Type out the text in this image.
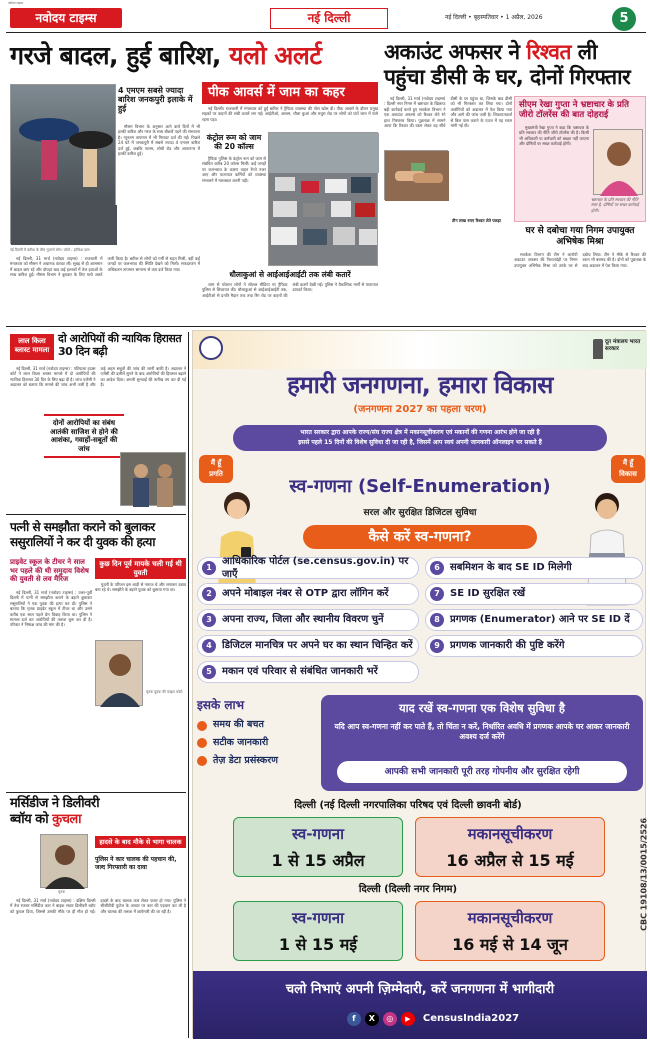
नवोदय टाइम्स
नवोदय टाइम्स	नई दिल्ली	नई दिल्ली • बृहस्पतिवार • 1 अप्रैल, 2026	5
गरजे बादल, हुई बारिश, यलो अलर्ट
4 एमएम सबसे ज्यादा बारिश जनकपुरी इलाके में हुई

मौसम विभाग के अनुसार आने वाले दिनों में भी हल्की बारिश और गरज के साथ बौछारें पड़ने की संभावना है। न्यूनतम तापमान में भी गिरावट दर्ज की गई। पिछले 24 घंटे में जनकपुरी में सबसे ज्यादा 4 एमएम बारिश दर्ज हुई, जबकि पालम, लोधी रोड और आयानगर में हल्की बारिश हुई।

नई दिल्ली में बारिश के बीच गुजरते लोग। फोटो : हरीकेश दास

नई दिल्ली, 31 मार्च (नवोदय टाइम्स) : राजधानी में मंगलवार को मौसम ने अचानक करवट ली। सुबह से ही आसमान में बादल छाए रहे और दोपहर बाद कई इलाकों में तेज हवाओं के साथ बारिश हुई। मौसम विभाग ने बुधवार के लिए यलो अलर्ट जारी किया है। बारिश से लोगों को गर्मी से राहत मिली, वहीं कई जगहों पर जलभराव की स्थिति देखने को मिली। सफदरजंग में अधिकतम तापमान सामान्य से कम दर्ज किया गया।

पीक आवर्स में जाम का कहर

नई दिल्ली। राजधानी में मंगलवार को हुई बारिश ने ट्रैफिक व्यवस्था की पोल खोल दी। पीक आवर्स के दौरान प्रमुख सड़कों पर वाहनों की लंबी कतारें लग गईं। आईटीओ, आश्रम, धौला कुआं और मथुरा रोड पर लोगों को घंटों जाम में फंसे रहना पड़ा।

कंट्रोल रूम को जाम की 20 कॉल्स

ट्रैफिक पुलिस के कंट्रोल रूम को जाम से संबंधित करीब 20 कॉल्स मिलीं। कई जगहों पर जलभराव के कारण वाहन रेंगते नजर आए और यातायात कर्मियों को व्यवस्था संभालने में मशक्कत करनी पड़ी।

धौलाकुआं से आईआईआईटी तक लंबी कतारें

जाम से परेशान लोगों ने सोशल मीडिया पर ट्रैफिक पुलिस से शिकायत की। धौलाकुआं से आईआईआईटी तक, आईटीओ से प्रगति मैदान तक तथा रिंग रोड पर वाहनों की लंबी कतारें देखी गईं। पुलिस ने वैकल्पिक मार्गों से यातायात डायवर्ट किया।

अकाउंट अफसर ने रिश्वत ली
पहुंचा डीसी के घर, दोनों गिरफ्तार

नई दिल्ली, 31 मार्च (नवोदय टाइम्स) : दिल्ली नगर निगम में भ्रष्टाचार के खिलाफ बड़ी कार्रवाई करते हुए सतर्कता विभाग ने एक अकाउंट अफसर को रिश्वत लेते रंगे हाथ गिरफ्तार किया। पूछताछ में सामने आया कि रिश्वत की रकम लेकर वह सीधे डीसी के घर पहुंचा था, जिसके बाद डीसी को भी गिरफ्तार कर लिया गया। दोनों आरोपियों को अदालत में पेश किया गया और आगे की जांच जारी है। शिकायतकर्ता से बिल पास कराने के एवज में यह रकम मांगी गई थी।

सीएम रेखा गुप्ता ने भ्रष्टाचार के प्रति जीरो टॉलरेंस की बात दोहराई

मुख्यमंत्री रेखा गुप्ता ने कहा कि भ्रष्टाचार के प्रति सरकार की नीति जीरो टॉलरेंस की है। किसी भी अधिकारी या कर्मचारी को बख्शा नहीं जाएगा और दोषियों पर सख्त कार्रवाई होगी।

भ्रष्टाचार के प्रति सरकार की नीति स्पष्ट है, दोषियों पर सख्त कार्रवाई होगी।
घर से दबोचा गया निगम उपायुक्त अभिषेक मिश्रा

सतर्कता विभाग की टीम ने आरोपी अकाउंट अफसर की निशानदेही पर निगम उपायुक्त अभिषेक मिश्रा को उनके घर से दबोच लिया। टीम ने मौके से रिश्वत की रकम भी बरामद की है। दोनों को पूछताछ के बाद अदालत में पेश किया गया।

तीन लाख रुपए रिश्वत लेते पकड़ा
लाल किला
ब्लास्ट मामला
दो आरोपियों की न्यायिक हिरासत 30 दिन बढ़ी

नई दिल्ली, 31 मार्च (नवोदय टाइम्स) : पटियाला हाउस कोर्ट ने लाल किला ब्लास्ट मामले में दो आरोपियों की न्यायिक हिरासत 30 दिन के लिए बढ़ा दी है। जांच एजेंसी ने अदालत को बताया कि मामले की जांच अभी जारी है और कई अहम सबूतों की जांच की जानी बाकी है। अदालत ने एजेंसी की दलीलें सुनने के बाद आरोपियों की हिरासत बढ़ाने का आदेश दिया। अगली सुनवाई की तारीख तय कर दी गई है।

दोनों आरोपियों का संबंध आतंकी साजिश से होने की आशंका, गवाहों-सबूतों की जांच
पत्नी से समझौता कराने को बुलाकर ससुरालियों ने कर दी युवक की हत्या
प्राइवेट स्कूल के टीचर ने साल भर पहले की थी समुदाय विशेष की युवती से लव मैरिज
कुछ दिन पूर्व मायके चली गई थी युवती

युवती के परिजन इस शादी से नाराज थे और लगातार दबाव बना रहे थे। समझौते के बहाने युवक को बुलाया गया था।

नई दिल्ली, 31 मार्च (नवोदय टाइम्स) : उत्तर-पूर्वी दिल्ली में पत्नी से समझौता कराने के बहाने बुलाकर ससुरालियों ने एक युवक की हत्या कर दी। पुलिस ने बताया कि मृतक प्राइवेट स्कूल में टीचर था और उसने करीब एक साल पहले प्रेम विवाह किया था। पुलिस ने मामला दर्ज कर आरोपियों की तलाश शुरू कर दी है। परिवार ने निष्पक्ष जांच की मांग की है।

मृतक युवक की फाइल फोटो
मर्सिडीज ने डिलीवरी
ब्वॉय को कुचला
मृतक
हादसे के बाद मौके से भागा चालक
पुलिस ने कार चालक की पहचान की, जल्द गिरफ्तारी का दावा

नई दिल्ली, 31 मार्च (नवोदय टाइम्स) : दक्षिण दिल्ली में तेज रफ्तार मर्सिडीज कार ने बाइक सवार डिलीवरी ब्वॉय को कुचल दिया, जिससे उसकी मौके पर ही मौत हो गई। हादसे के बाद चालक कार लेकर फरार हो गया। पुलिस ने सीसीटीवी फुटेज के आधार पर कार की पहचान कर ली है और चालक की तलाश में छापेमारी की जा रही है।

दूत मंत्रालय भारत सरकार
हमारी जनगणना, हमारा विकास
(जनगणना 2027 का पहला चरण)
भारत सरकार द्वारा आपके राज्य/संघ राज्य क्षेत्र में मकानसूचीकरण एवं मकानों की गणना आरंभ होने जा रही है
इससे पहले 15 दिनों की विशेष सुविधा दी जा रही है, जिसमें आप स्वयं अपनी जानकारी ऑनलाइन भर सकते हैं
मैं हूँ
प्रगति
मैं हूँ
विकास
स्व-गणना (Self-Enumeration)
सरल और सुरक्षित डिजिटल सुविधा
कैसे करें स्व-गणना?
1
आधिकारिक पोर्टल (se.census.gov.in) पर जाएँ
2	अपने मोबाइल नंबर से OTP द्वारा लॉगिन करें
3	अपना राज्य, जिला और स्थानीय विवरण चुनें
4	डिजिटल मानचित्र पर अपने घर का स्थान चिन्हित करें
5	मकान एवं परिवार से संबंधित जानकारी भरें
6	सबमिशन के बाद SE ID मिलेगी
7	SE ID सुरक्षित रखें
8	प्रगणक (Enumerator) आने पर SE ID दें
9	प्रगणक जानकारी की पुष्टि करेंगे
इसके लाभ
समय की बचत
सटीक जानकारी
तेज़ डेटा प्रसंस्करण
याद रखें स्व-गणना एक विशेष सुविधा है
यदि आप स्व-गणना नहीं कर पाते हैं, तो चिंता न करें, निर्धारित अवधि में प्रगणक आपके घर आकर जानकारी अवश्य दर्ज करेंगे
आपकी सभी जानकारी पूरी तरह गोपनीय और सुरक्षित रहेगी
दिल्ली (नई दिल्ली नगरपालिका परिषद एवं दिल्ली छावनी बोर्ड)
स्व-गणना
1 से 15 अप्रैल
मकानसूचीकरण
16 अप्रैल से 15 मई
दिल्ली (दिल्ली नगर निगम)
स्व-गणना
1 से 15 मई
मकानसूचीकरण
16 मई से 14 जून
CBC 19108/13/0015/2526
चलो निभाएं अपनी ज़िम्मेदारी, करें जनगणना में भागीदारी
f	X	◎	▶	CensusIndia2027
